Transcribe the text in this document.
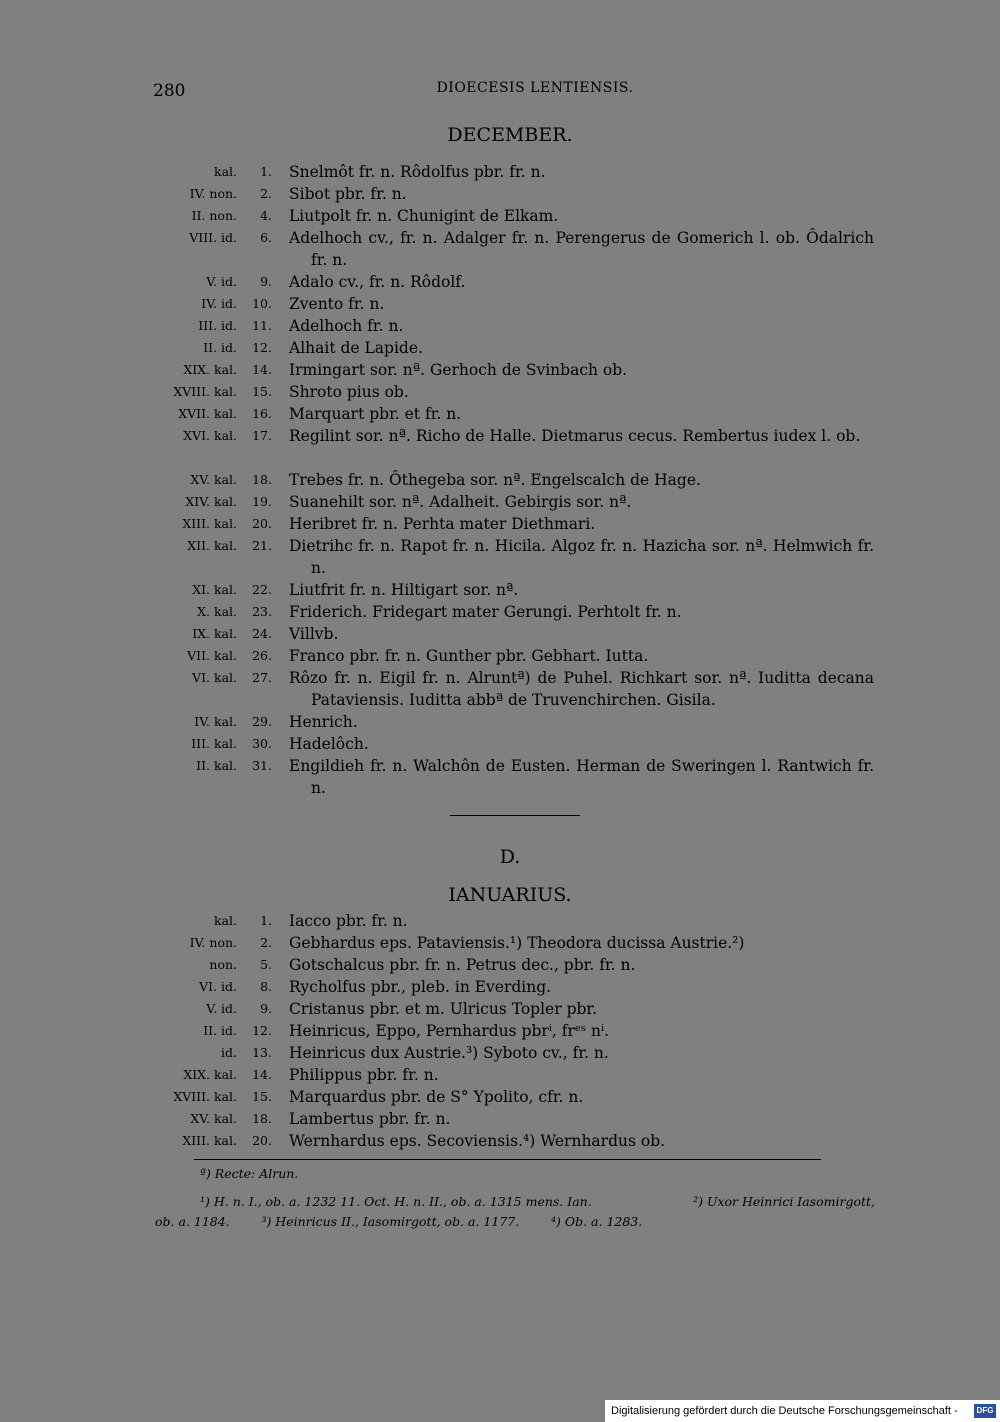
280	DIOECESIS LENTIENSIS.
DECEMBER.
kal. 1. Snelmôt fr. n. Rôdolfus pbr. fr. n.
IV. non. 2. Sibot pbr. fr. n.
II. non. 4. Liutpolt fr. n. Chunigint de Elkam.
VIII. id. 6. Adelhoch cv., fr. n. Adalger fr. n. Perengerus de Gomerich l. ob. Ôdalrich fr. n.
V. id. 9. Adalo cv., fr. n. Rôdolf.
IV. id. 10. Zvento fr. n.
III. id. 11. Adelhoch fr. n.
II. id. 12. Alhait de Lapide.
XIX. kal. 14. Irmingart sor. nª. Gerhoch de Svinbach ob.
XVIII. kal. 15. Shroto pius ob.
XVII. kal. 16. Marquart pbr. et fr. n.
XVI. kal. 17. Regilint sor. nª. Richo de Halle. Dietmarus cecus. Rembertus iudex l. ob.
XV. kal. 18. Trebes fr. n. Ôthegeba sor. nª. Engelscalch de Hage.
XIV. kal. 19. Suanehilt sor. nª. Adalheit. Gebirgis sor. nª.
XIII. kal. 20. Heribret fr. n. Perhta mater Diethmari.
XII. kal. 21. Dietrihc fr. n. Rapot fr. n. Hicila. Algoz fr. n. Hazicha sor. nª. Helmwich fr. n.
XI. kal. 22. Liutfrit fr. n. Hiltigart sor. nª.
X. kal. 23. Friderich. Fridegart mater Gerungi. Perhtolt fr. n.
IX. kal. 24. Villvb.
VII. kal. 26. Franco pbr. fr. n. Gunther pbr. Gebhart. Iutta.
VI. kal. 27. Rôzo fr. n. Eigil fr. n. Alruntª) de Puhel. Richkart sor. nª. Iuditta decana Pataviensis. Iuditta abbª de Truvenchirchen. Gisila.
IV. kal. 29. Henrich.
III. kal. 30. Hadelôch.
II. kal. 31. Engildieh fr. n. Walchôn de Eusten. Herman de Sweringen l. Rantwich fr. n.
D.
IANUARIUS.
kal. 1. Iacco pbr. fr. n.
IV. non. 2. Gebhardus eps. Pataviensis.¹) Theodora ducissa Austrie.²)
non. 5. Gotschalcus pbr. fr. n. Petrus dec., pbr. fr. n.
VI. id. 8. Rycholfus pbr., pleb. in Everding.
V. id. 9. Cristanus pbr. et m. Ulricus Topler pbr.
II. id. 12. Heinricus, Eppo, Pernhardus pbrⁱ, frᵉˢ nⁱ.
id. 13. Heinricus dux Austrie.³) Syboto cv., fr. n.
XIX. kal. 14. Philippus pbr. fr. n.
XVIII. kal. 15. Marquardus pbr. de S° Ypolito, cfr. n.
XV. kal. 18. Lambertus pbr. fr. n.
XIII. kal. 20. Wernhardus eps. Secoviensis.⁴) Wernhardus ob.
ª) Recte: Alrun.
¹) H. n. I., ob. a. 1232 11. Oct. H. n. II., ob. a. 1315 mens. Ian.	²) Uxor Heinrici Iasomirgott,
ob. a. 1184.        ³) Heinricus II., Iasomirgott, ob. a. 1177.        ⁴) Ob. a. 1283.
Digitalisierung gefördert durch die Deutsche Forschungsgemeinschaft -	DFG
